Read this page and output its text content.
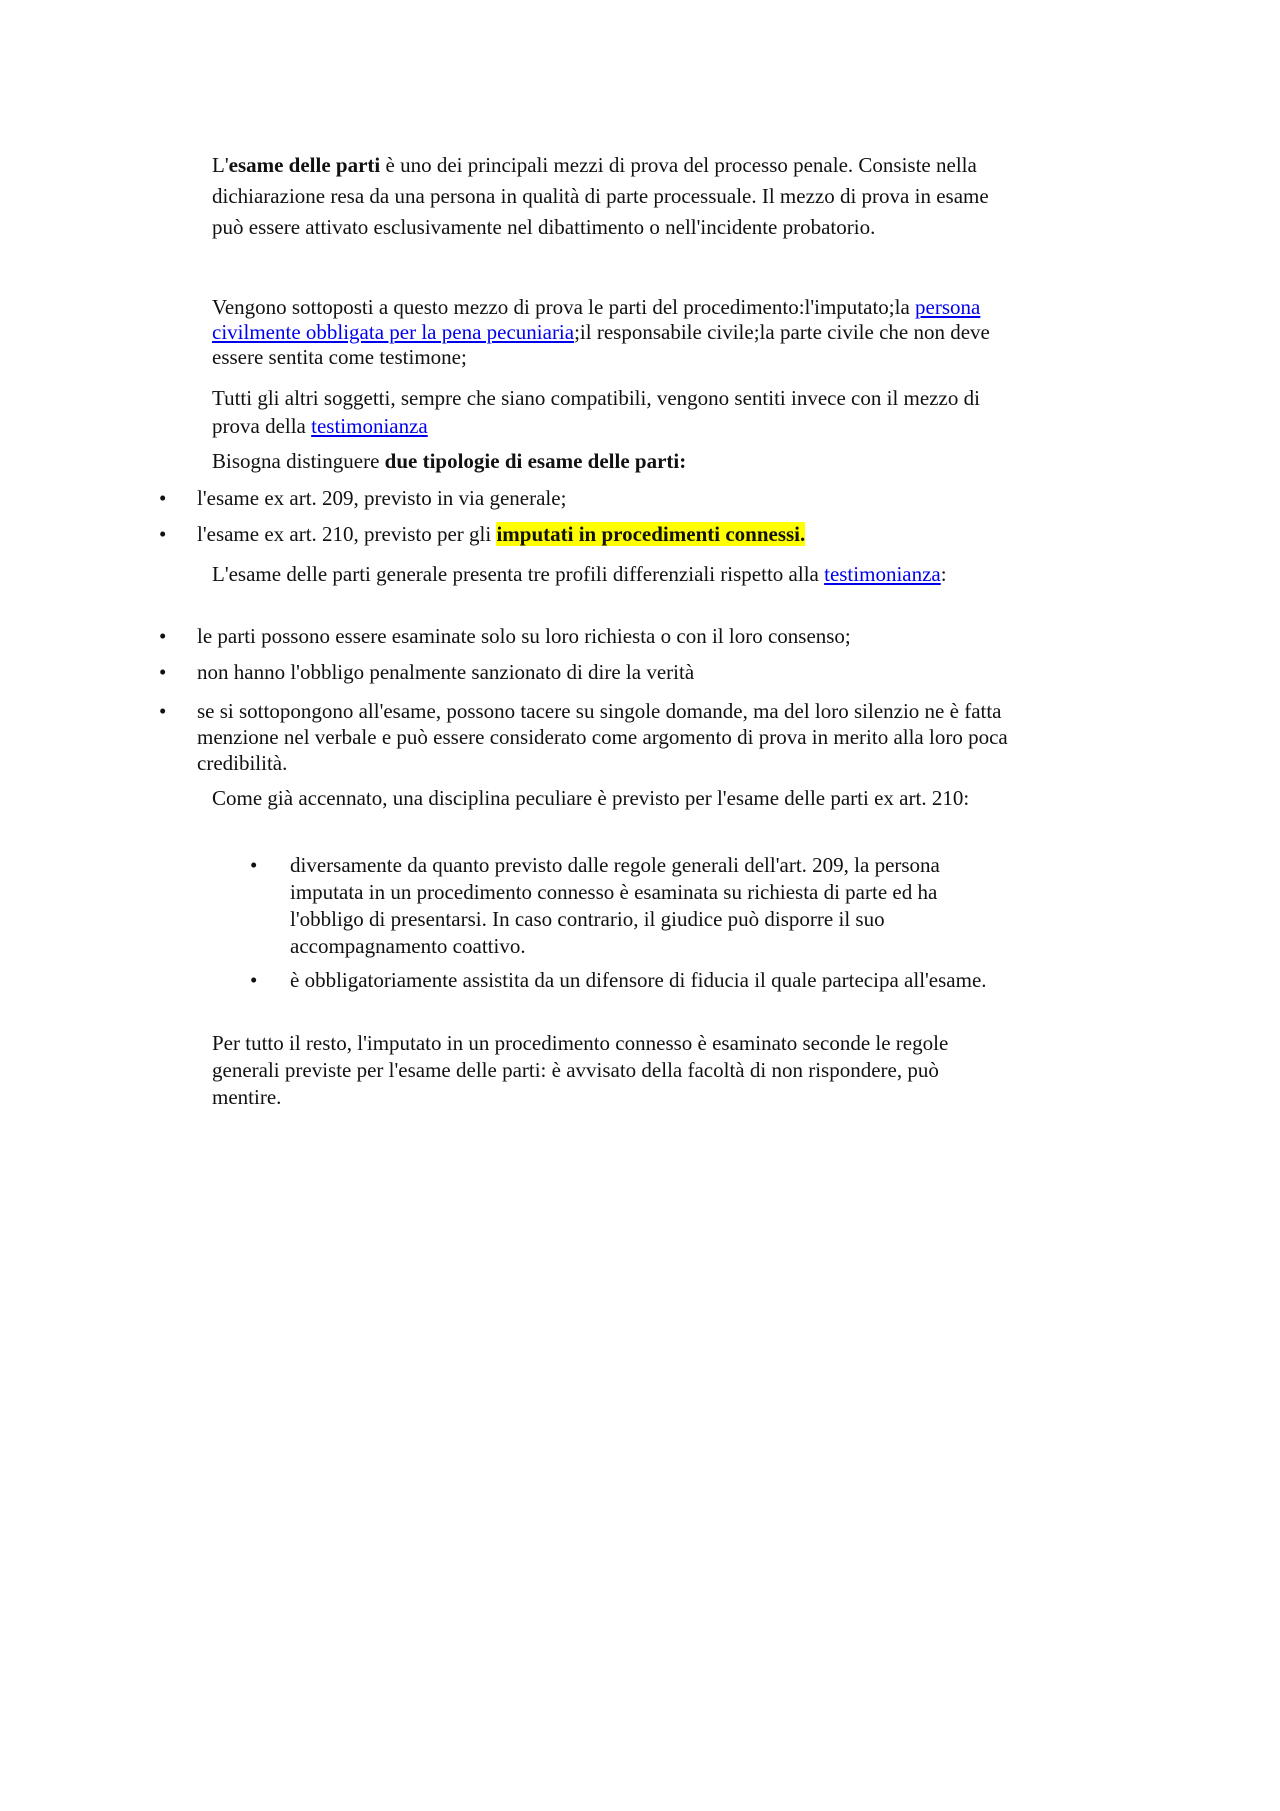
L'esame delle parti è uno dei principali mezzi di prova del processo penale. Consiste nella dichiarazione resa da una persona in qualità di parte processuale. Il mezzo di prova in esame può essere attivato esclusivamente nel dibattimento o nell'incidente probatorio.

Vengono sottoposti a questo mezzo di prova le parti del procedimento:l'imputato;la persona civilmente obbligata per la pena pecuniaria;il responsabile civile;la parte civile che non deve essere sentita come testimone;

Tutti gli altri soggetti, sempre che siano compatibili, vengono sentiti invece con il mezzo di prova della testimonianza

Bisogna distinguere due tipologie di esame delle parti:

• l'esame ex art. 209, previsto in via generale;

• l'esame ex art. 210, previsto per gli imputati in procedimenti connessi.

L'esame delle parti generale presenta tre profili differenziali rispetto alla testimonianza:

• le parti possono essere esaminate solo su loro richiesta o con il loro consenso;

• non hanno l'obbligo penalmente sanzionato di dire la verità

• se si sottopongono all'esame, possono tacere su singole domande, ma del loro silenzio ne è fatta menzione nel verbale e può essere considerato come argomento di prova in merito alla loro poca credibilità.

Come già accennato, una disciplina peculiare è previsto per l'esame delle parti ex art. 210:

• diversamente da quanto previsto dalle regole generali dell'art. 209, la persona imputata in un procedimento connesso è esaminata su richiesta di parte ed ha l'obbligo di presentarsi. In caso contrario, il giudice può disporre il suo accompagnamento coattivo.

• è obbligatoriamente assistita da un difensore di fiducia il quale partecipa all'esame.

Per tutto il resto, l'imputato in un procedimento connesso è esaminato seconde le regole generali previste per l'esame delle parti: è avvisato della facoltà di non rispondere, può mentire.
